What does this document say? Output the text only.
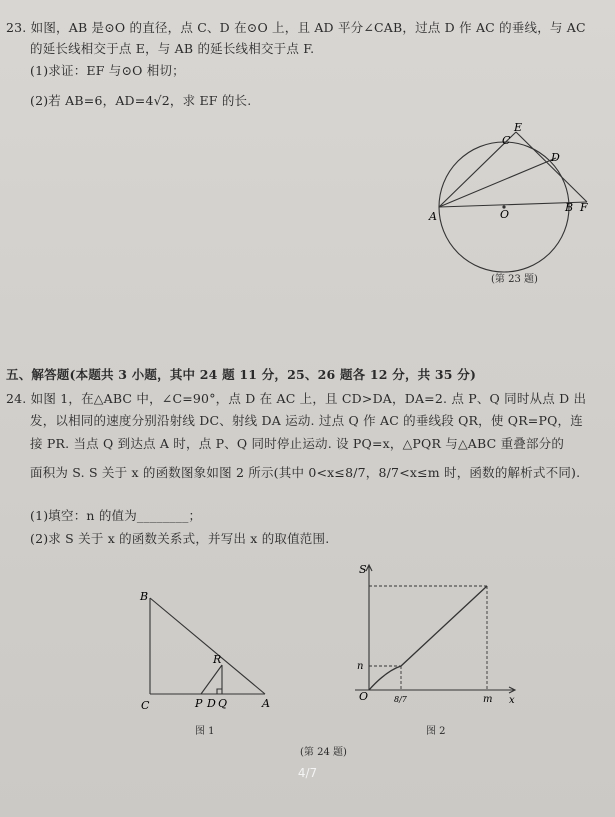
23. 如图，AB 是⊙O 的直径，点 C、D 在⊙O 上，且 AD 平分∠CAB，过点 D 作 AC 的垂线，与 AC
的延长线相交于点 E，与 AB 的延长线相交于点 F.
(1)求证：EF 与⊙O 相切；
(2)若 AB=6，AD=4√2，求 EF 的长.
E
C
D
A	O
B F
(第 23 题)
五、解答题(本题共 3 小题，其中 24 题 11 分，25、26 题各 12 分，共 35 分)
24. 如图 1，在△ABC 中，∠C=90°，点 D 在 AC 上，且 CD>DA，DA=2. 点 P、Q 同时从点 D 出
发，以相同的速度分别沿射线 DC、射线 DA 运动. 过点 Q 作 AC 的垂线段 QR，使 QR=PQ，连
接 PR. 当点 Q 到达点 A 时，点 P、Q 同时停止运动. 设 PQ=x，△PQR 与△ABC 重叠部分的
面积为 S. S 关于 x 的函数图象如图 2 所示(其中 0<x≤8/7，8/7<x≤m 时，函数的解析式不同).
(1)填空：n 的值为________；
(2)求 S 关于 x 的函数关系式，并写出 x 的取值范围.
B
R
P D Q
C	A
图 1
S
n
O	8/7	m x
图 2
(第 24 题)
4/7
